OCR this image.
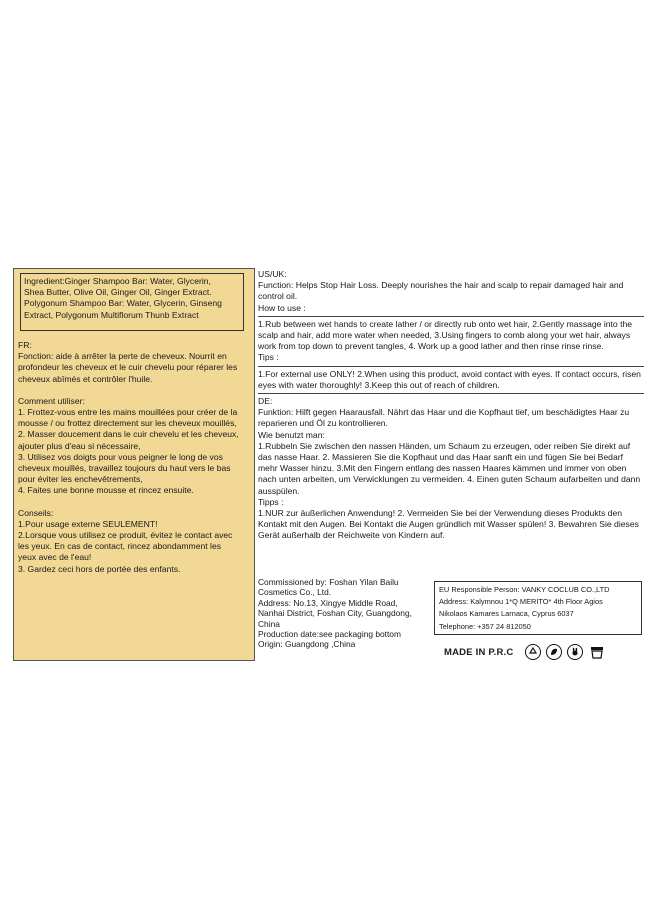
Ingredient:Ginger Shampoo Bar: Water, Glycerin,
Shea Butter, Olive Oil, Ginger Oil, Ginger Extract.
Polygonum Shampoo Bar: Water, Glycerin, Ginseng
Extract, Polygonum Multiflorum Thunb Extract

FR:

Fonction: aide à arrêter la perte de cheveux. Nourrit en

profondeur les cheveux et le cuir chevelu pour réparer les

cheveux abîmés et contrôler l'huile.

Comment utiliser:

1. Frottez-vous entre les mains mouillées pour créer de la

mousse / ou frottez directement sur les cheveux mouillés,

2. Masser doucement dans le cuir chevelu et les cheveux,

ajouter plus d'eau si nécessaire,

3. Utilisez vos doigts pour vous peigner le long de vos

cheveux mouillés, travaillez toujours du haut vers le bas

pour éviter les enchevêtrements,

4. Faites une bonne mousse et rincez ensuite.

Conseils:

1.Pour usage externe SEULEMENT!

2.Lorsque vous utilisez ce produit, évitez le contact avec

les yeux. En cas de contact, rincez abondamment les

yeux avec de l'eau!

3. Gardez ceci hors de portée des enfants.

US/UK:

Function: Helps Stop Hair Loss. Deeply nourishes the hair and scalp to repair damaged hair and

control oil.

How to use :

1.Rub between wet hands to create lather / or directly rub onto wet hair, 2.Gently massage into the

scalp and hair, add more water when needed, 3.Using fingers to comb along your wet hair, always

work from top down to prevent tangles, 4. Work up a good lather and then rinse rinse rinse.

Tips :

1.For external use ONLY! 2.When using this product, avoid contact with eyes. If contact occurs, risen

eyes with water thoroughly! 3.Keep this out of reach of children.

DE:

Funktion: Hilft gegen Haarausfall. Nährt das Haar und die Kopfhaut tief, um beschädigtes Haar zu

reparieren und Öl zu kontrollieren.

Wie benutzt man:

1.Rubbeln Sie zwischen den nassen Händen, um Schaum zu erzeugen, oder reiben Sie direkt auf

das nasse Haar. 2. Massieren Sie die Kopfhaut und das Haar sanft ein und fügen Sie bei Bedarf

mehr Wasser hinzu. 3.Mit den Fingern entlang des nassen Haares kämmen und immer von oben

nach unten arbeiten, um Verwicklungen zu vermeiden. 4. Einen guten Schaum aufarbeiten und dann

ausspülen.

Tipps :

1.NUR zur äußerlichen Anwendung! 2. Vermeiden Sie bei der Verwendung dieses Produkts den

Kontakt mit den Augen. Bei Kontakt die Augen gründlich mit Wasser spülen! 3. Bewahren Sie dieses

Gerät außerhalb der Reichweite von Kindern auf.

Commissioned by: Foshan Yilan Bailu

Cosmetics Co., Ltd.

Address: No.13, Xingye Middle Road,

Nanhai District, Foshan City, Guangdong,

China

Production date:see packaging bottom

Origin: Guangdong ,China

EU Responsible Person: VANKY COCLUB CO.,LTD

Address: Kalymnou 1*Q MERITO* 4th Floor Agios

Nikolaos Kamares Larnaca, Cyprus 6037

Telephone: +357 24 812050

MADE IN P.R.C
